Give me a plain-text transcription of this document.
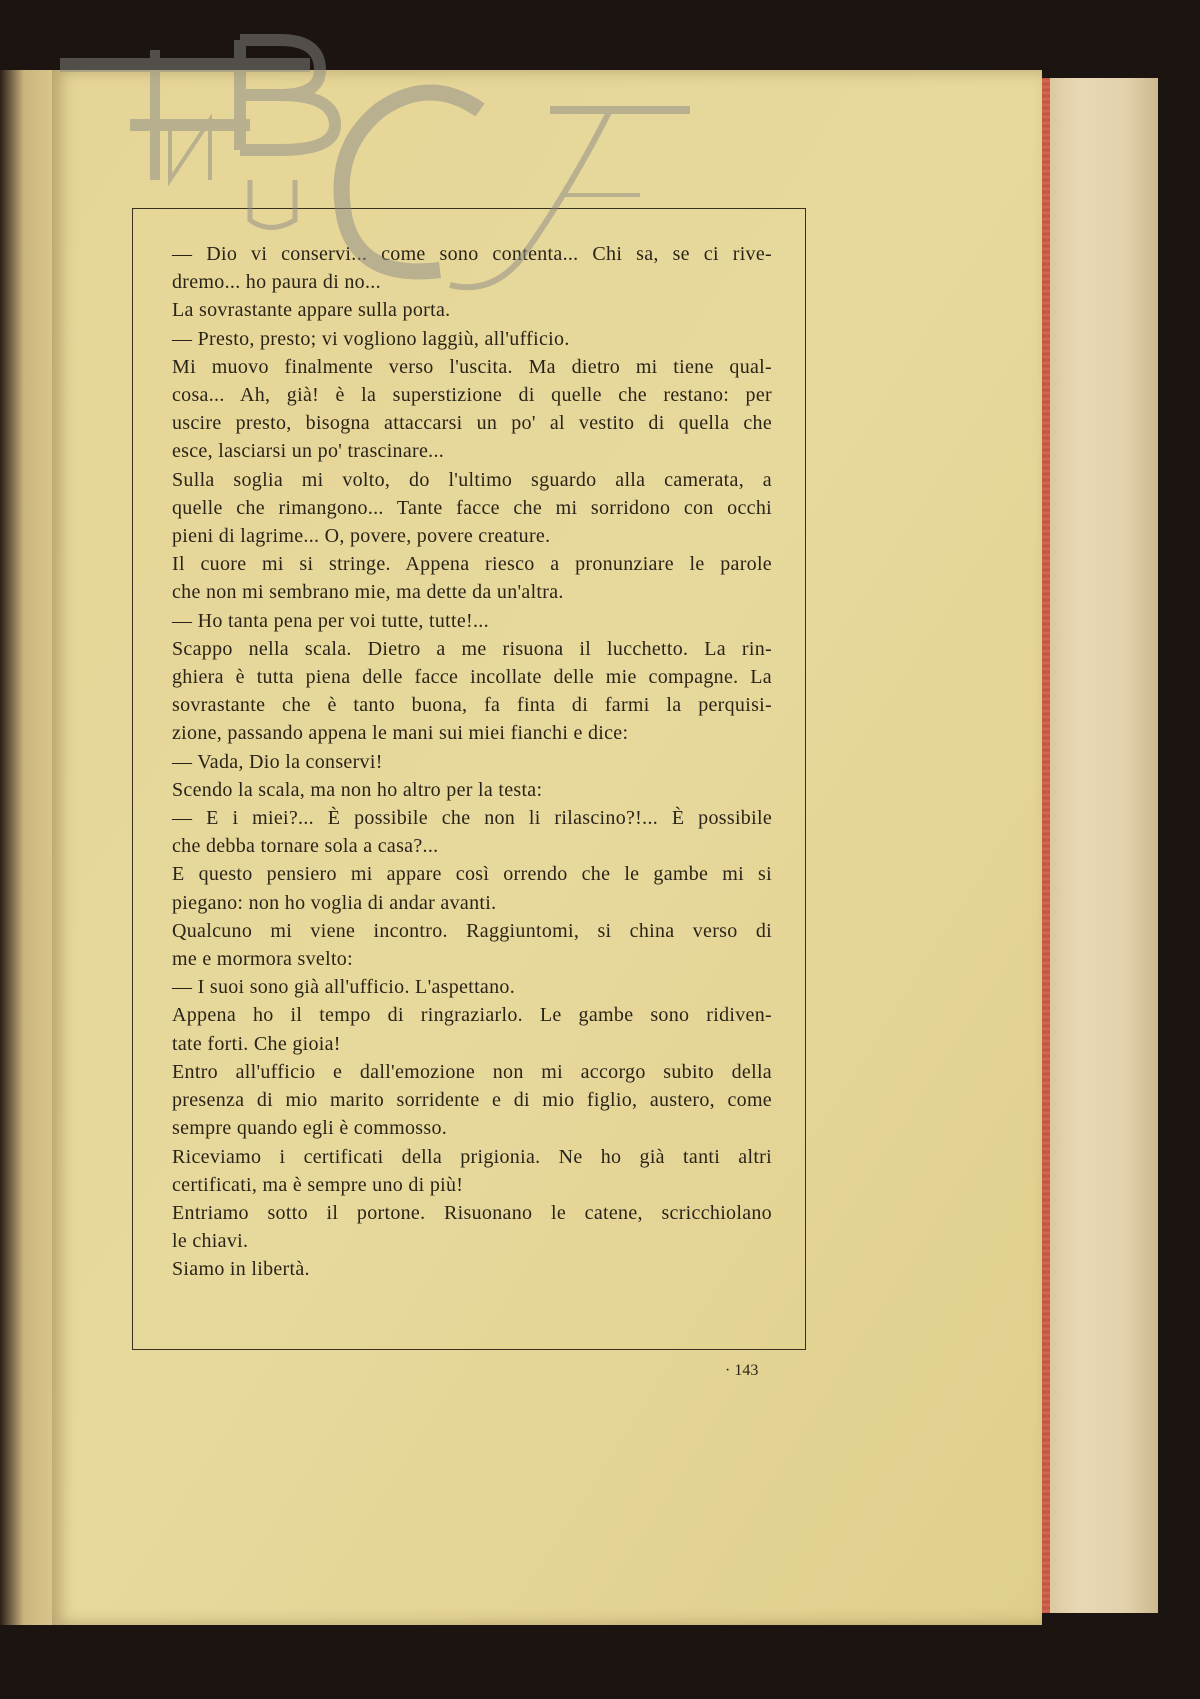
— Dio vi conservi... come sono contenta... Chi sa, se ci rive-
dremo... ho paura di no...
La sovrastante appare sulla porta.
— Presto, presto; vi vogliono laggiù, all'ufficio.
Mi muovo finalmente verso l'uscita. Ma dietro mi tiene qual-
cosa... Ah, già! è la superstizione di quelle che restano: per
uscire presto, bisogna attaccarsi un po' al vestito di quella che
esce, lasciarsi un po' trascinare...
Sulla soglia mi volto, do l'ultimo sguardo alla camerata, a
quelle che rimangono... Tante facce che mi sorridono con occhi
pieni di lagrime... O, povere, povere creature.
Il cuore mi si stringe. Appena riesco a pronunziare le parole
che non mi sembrano mie, ma dette da un'altra.
— Ho tanta pena per voi tutte, tutte!...
Scappo nella scala. Dietro a me risuona il lucchetto. La rin-
ghiera è tutta piena delle facce incollate delle mie compagne. La
sovrastante che è tanto buona, fa finta di farmi la perquisi-
zione, passando appena le mani sui miei fianchi e dice:
— Vada, Dio la conservi!
Scendo la scala, ma non ho altro per la testa:
— E i miei?... È possibile che non li rilascino?!... È possibile
che debba tornare sola a casa?...
E questo pensiero mi appare così orrendo che le gambe mi si
piegano: non ho voglia di andar avanti.
Qualcuno mi viene incontro. Raggiuntomi, si china verso di
me e mormora svelto:
— I suoi sono già all'ufficio. L'aspettano.
Appena ho il tempo di ringraziarlo. Le gambe sono ridiven-
tate forti. Che gioia!
Entro all'ufficio e dall'emozione non mi accorgo subito della
presenza di mio marito sorridente e di mio figlio, austero, come
sempre quando egli è commosso.
Riceviamo i certificati della prigionia. Ne ho già tanti altri
certificati, ma è sempre uno di più!
Entriamo sotto il portone. Risuonano le catene, scricchiolano
le chiavi.
Siamo in libertà.
· 143
